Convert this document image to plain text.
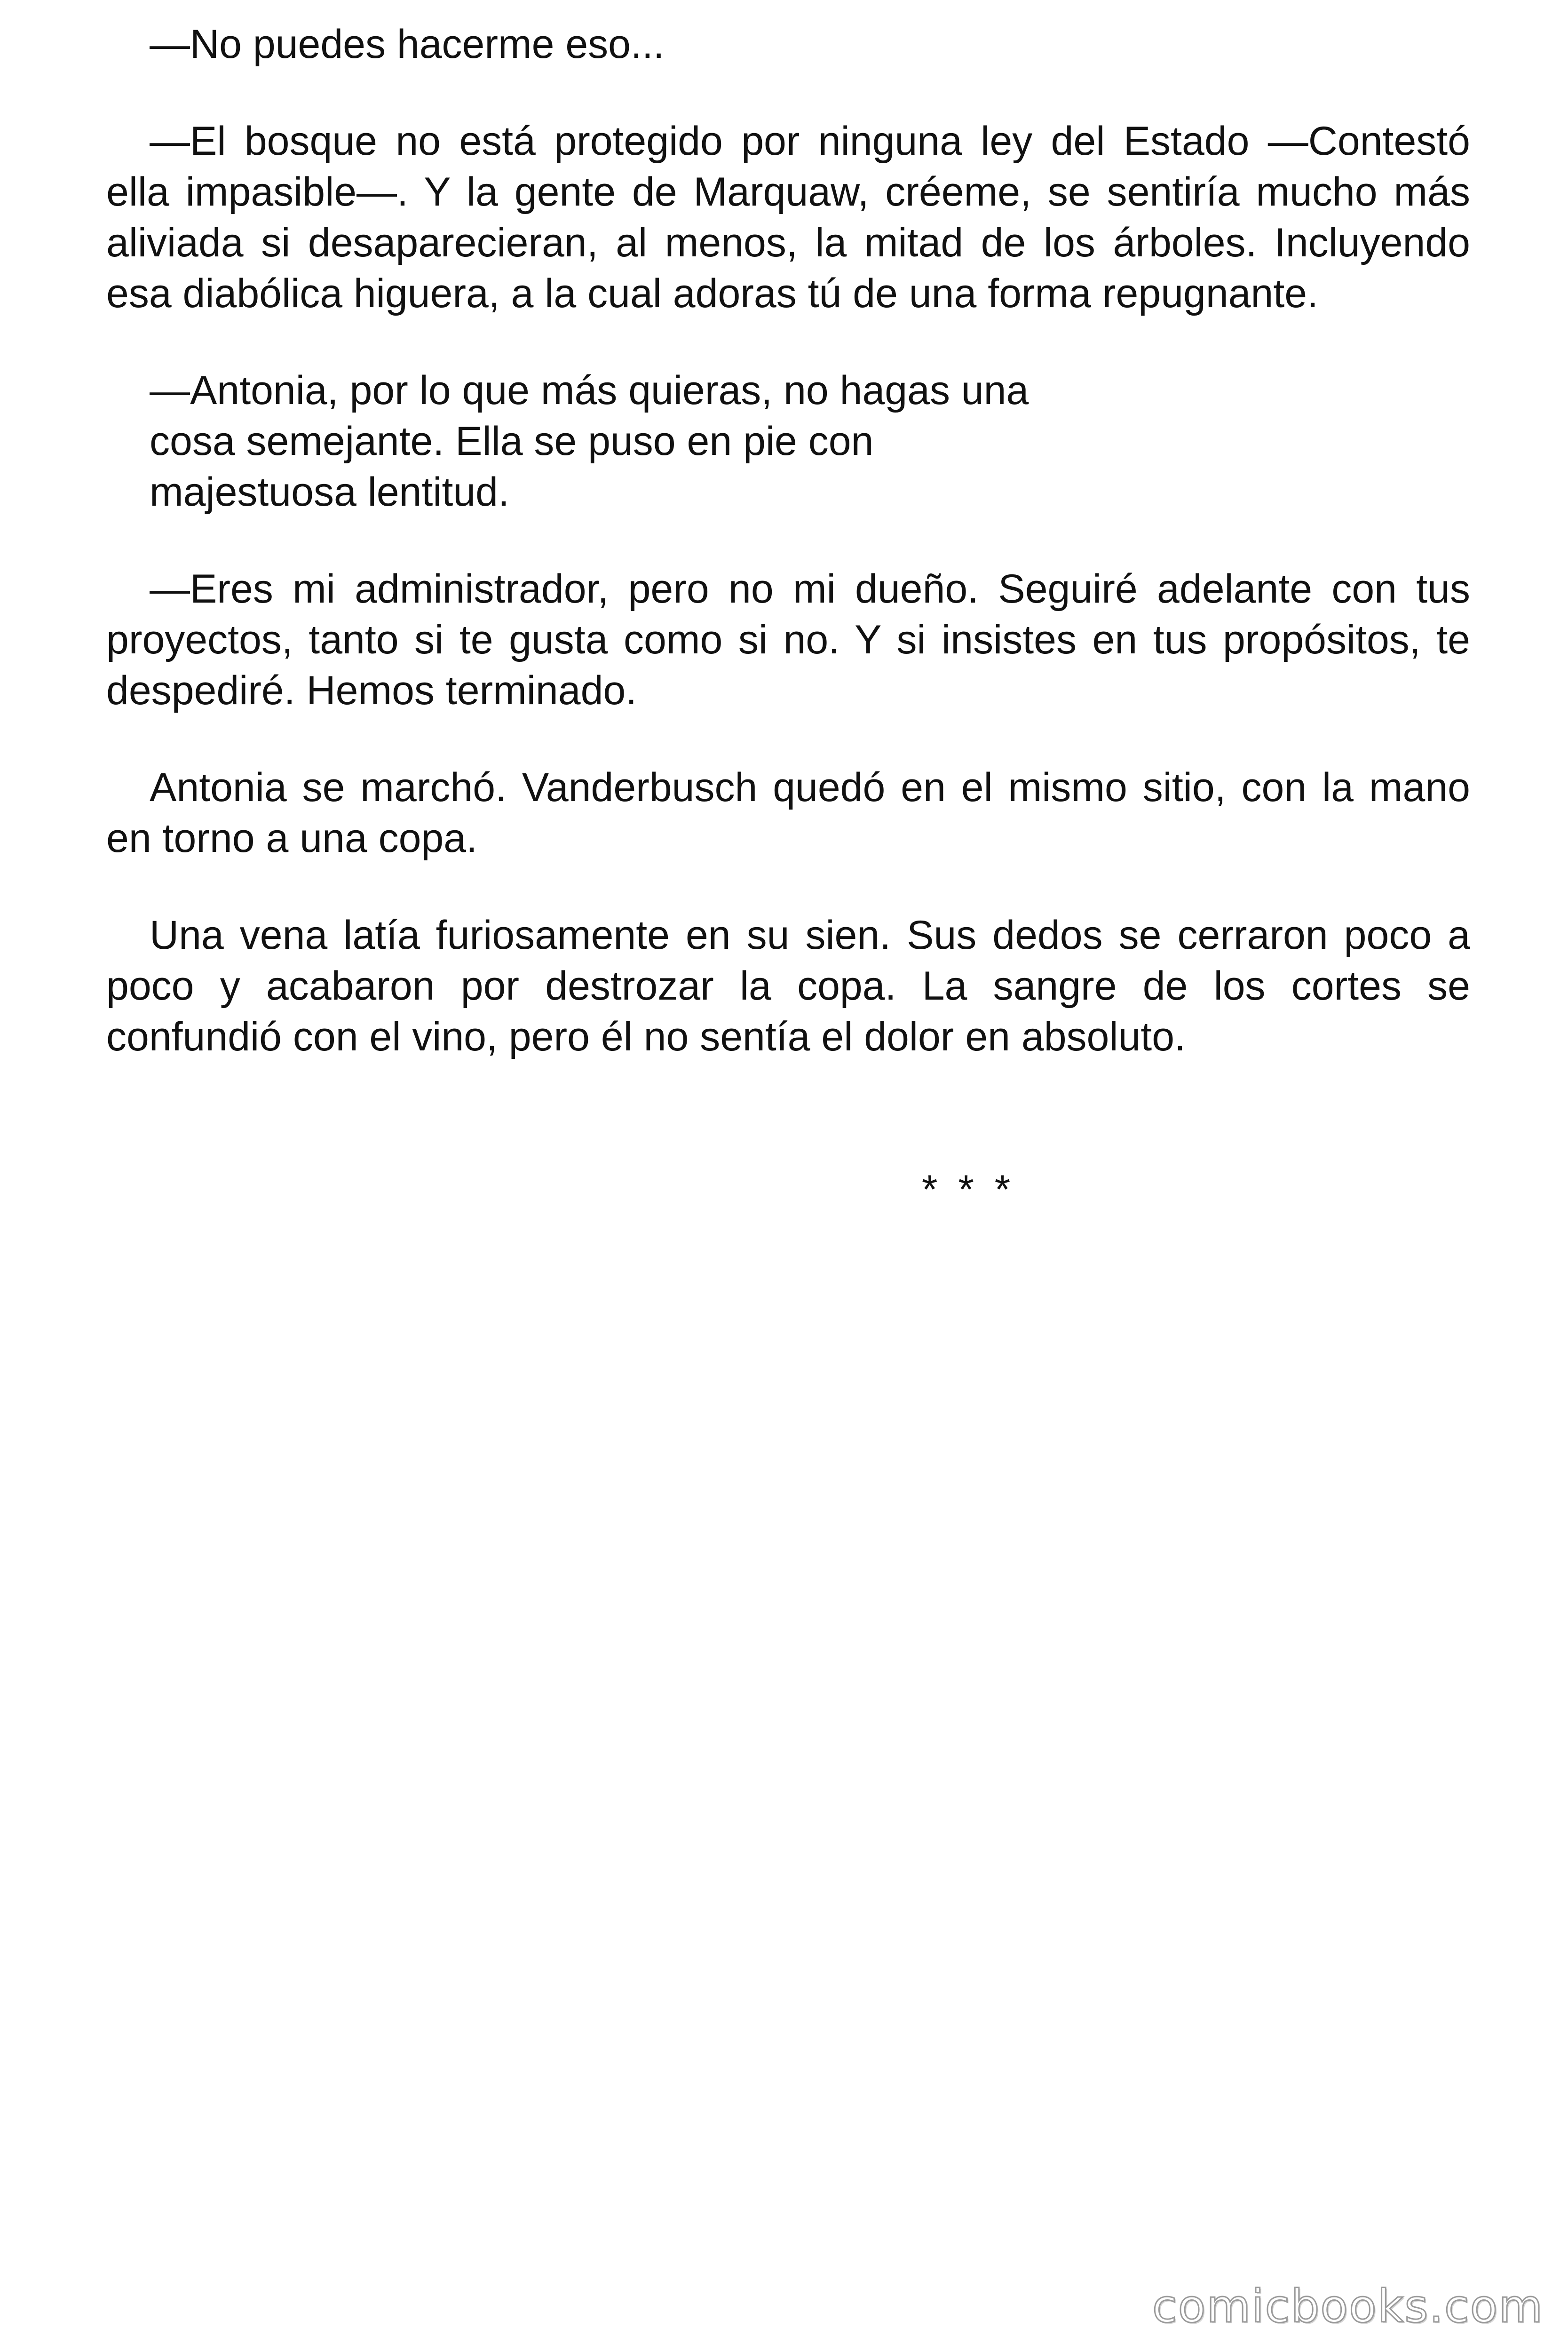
—No puedes hacerme eso...

—El bosque no está protegido por ninguna ley del Estado —Contestó ella impasible—. Y la gente de Marquaw, créeme, se sentiría mucho más aliviada si desaparecieran, al menos, la mitad de los árboles. Incluyendo esa diabólica higuera, a la cual adoras tú de una forma repugnante.

—Antonia, por lo que más quieras, no hagas una cosa semejante. Ella se puso en pie con majestuosa lentitud.

—Eres mi administrador, pero no mi dueño. Seguiré adelante con tus proyectos, tanto si te gusta como si no. Y si insistes en tus propósitos, te despediré. Hemos terminado.

Antonia se marchó. Vanderbusch quedó en el mismo sitio, con la mano en torno a una copa.

Una vena latía furiosamente en su sien. Sus dedos se cerraron poco a poco y acabaron por destrozar la copa. La sangre de los cortes se confundió con el vino, pero él no sentía el dolor en absoluto.

* * *
comicbooks.com
